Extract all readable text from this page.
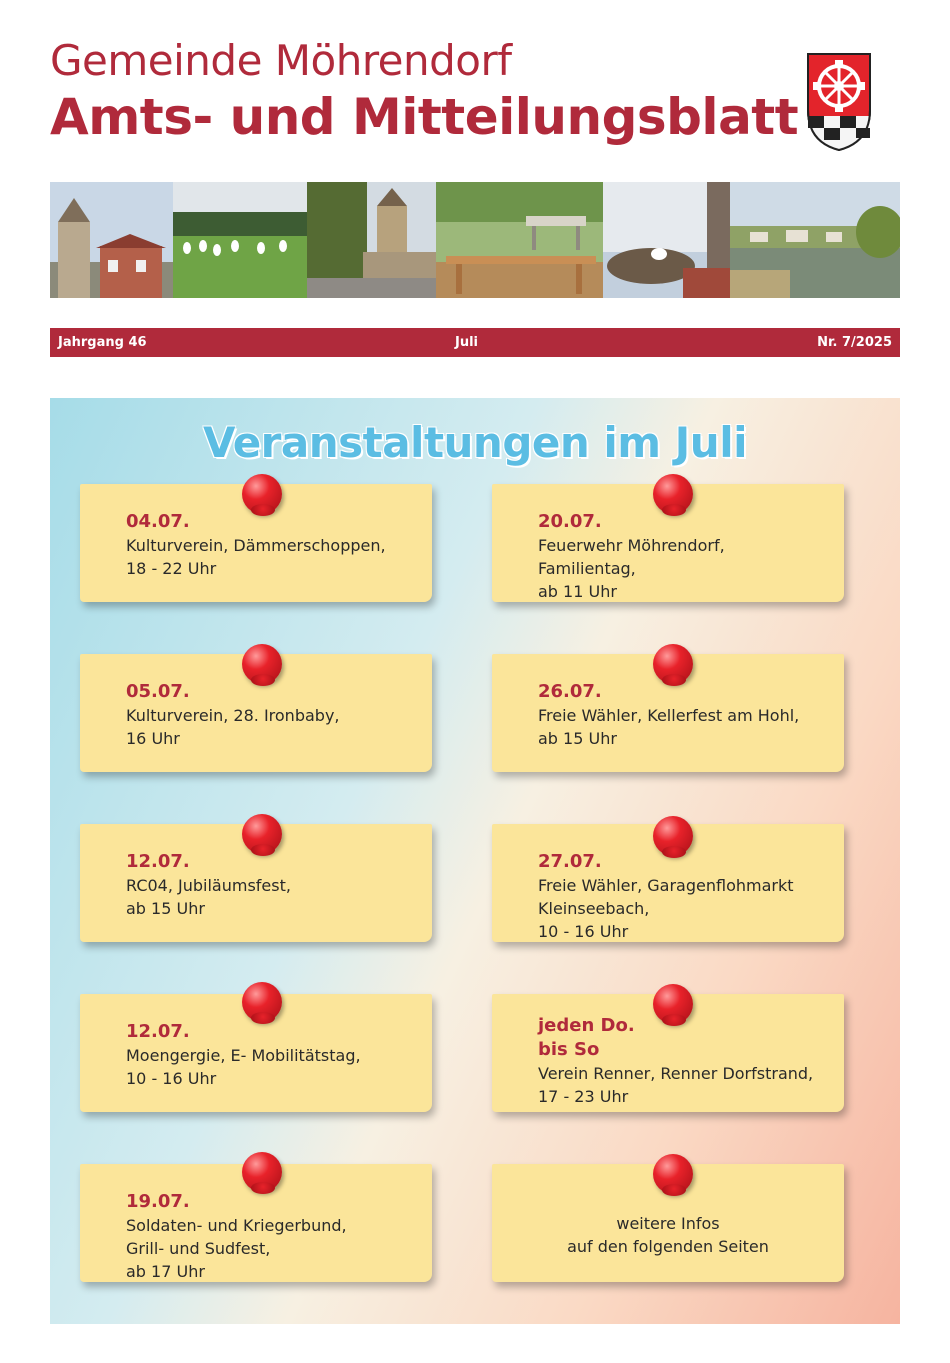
Gemeinde Möhrendorf
Amts- und Mitteilungsblatt
Jahrgang 46	Juli	Nr. 7/2025
Veranstaltungen im Juli
04.07.
Kulturverein, Dämmerschoppen,
18 - 22 Uhr
20.07.
Feuerwehr Möhrendorf,
Familientag,
ab 11 Uhr
05.07.
Kulturverein, 28. Ironbaby,
16 Uhr
26.07.
Freie Wähler, Kellerfest am Hohl,
ab 15 Uhr
12.07.
RC04, Jubiläumsfest,
ab 15 Uhr
27.07.
Freie Wähler, Garagenflohmarkt
Kleinseebach,
10 - 16 Uhr
12.07.
Moengergie, E- Mobilitätstag,
10 - 16 Uhr
jeden Do.
bis So
Verein Renner, Renner Dorfstrand,
17 - 23 Uhr
19.07.
Soldaten- und Kriegerbund,
Grill- und Sudfest,
ab 17 Uhr
weitere Infos
auf den folgenden Seiten
